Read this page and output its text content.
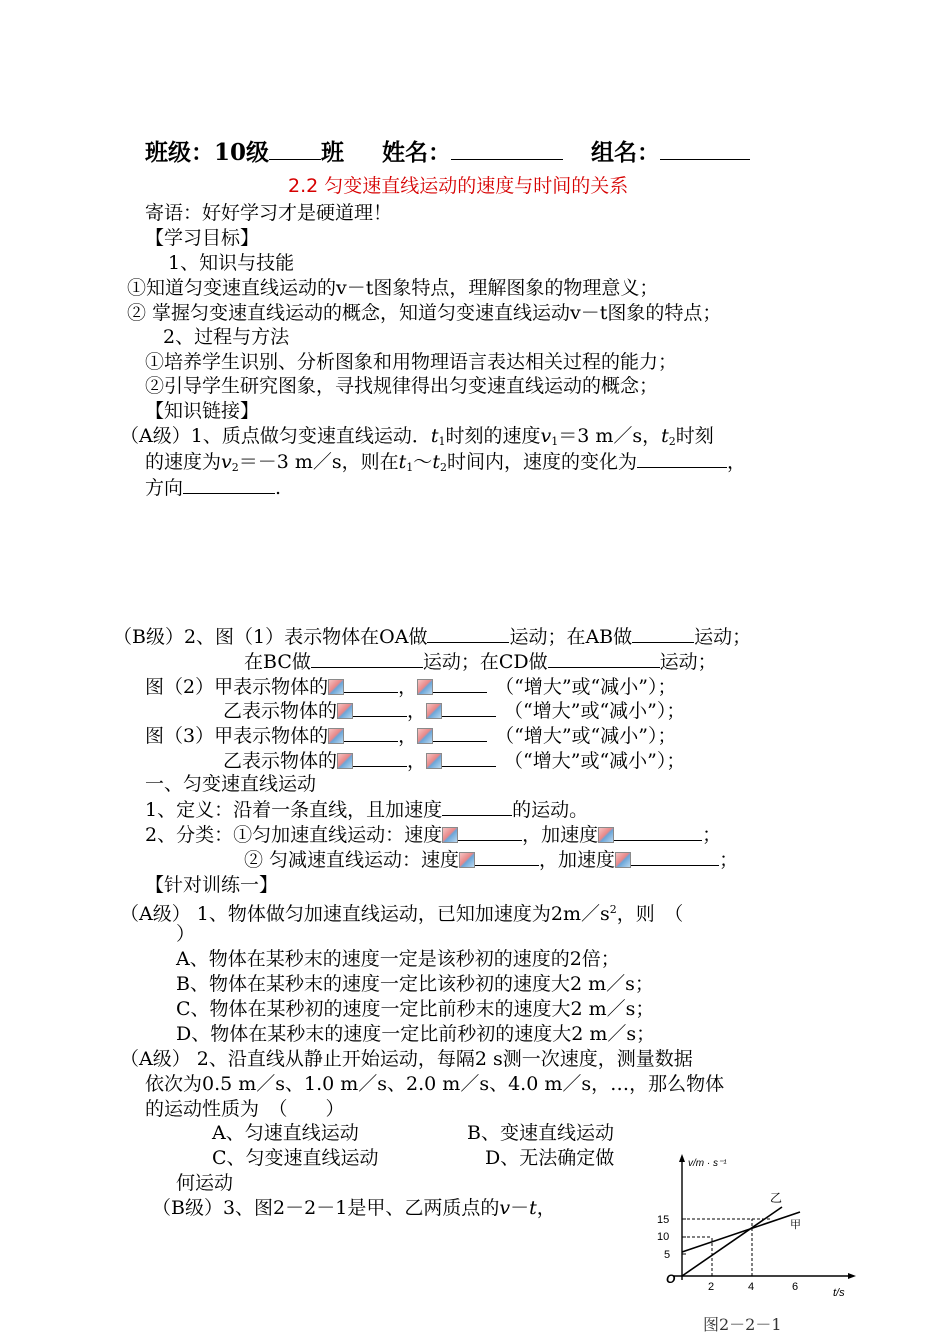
班级：10级 班 姓名：	组名：
2.2 匀变速直线运动的速度与时间的关系
寄语：好好学习才是硬道理！
【学习目标】
1、知识与技能
①知道匀变速直线运动的v－t图象特点，理解图象的物理意义；
② 掌握匀变速直线运动的概念，知道匀变速直线运动v－t图象的特点；
2、过程与方法
①培养学生识别、分析图象和用物理语言表达相关过程的能力；
②引导学生研究图象，寻找规律得出匀变速直线运动的概念；
【知识链接】
（A级）1、质点做匀变速直线运动．$t_1$时刻的速度$v_1=3$ m／s，$t_2$时刻
的速度为$v_2=-3$ m／s，则在$t_1\sim t_2$时间内，速度的变化为	，
方向	.
（B级）2、图（1）表示物体在OA做	运动；在AB做	运动；
在BC做	运动；在CD做	运动；
图（2）甲表示物体的	，	（“增大”或“减小”）；
乙表示物体的	，	（“增大”或“减小”）；
图（3）甲表示物体的	，	（“增大”或“减小”）；
乙表示物体的	，	（“增大”或“减小”）；
一、匀变速直线运动
1、定义：沿着一条直线，且加速度	的运动。
2、分类：①匀加速直线运动：速度	，加速度	；
② 匀减速直线运动：速度	，加速度	；
【针对训练一】
（A级） 1、物体做匀加速直线运动，已知加速度为$2m/s^2$，则　（
）
A、物体在某秒末的速度一定是该秒初的速度的2倍；
B、物体在某秒末的速度一定比该秒初的速度大2 m／s；
C、物体在某秒初的速度一定比前秒末的速度大2 m／s；
D、物体在某秒末的速度一定比前秒初的速度大2 m／s；
（A级） 2、沿直线从静止开始运动，每隔2 s测一次速度，测量数据
依次为0.5 m／s、1.0 m／s、2.0 m／s、4.0 m／s，…，那么物体
的运动性质为　（　　）
A、匀速直线运动	B、变速直线运动
C、匀变速直线运动	D、无法确定做
何运动
（B级）3、图2－2－1是甲、乙两质点的v－t，
v/m · s⁻¹
t/s
O
5
10
15
2	4	6
乙
甲
图2－2－1
